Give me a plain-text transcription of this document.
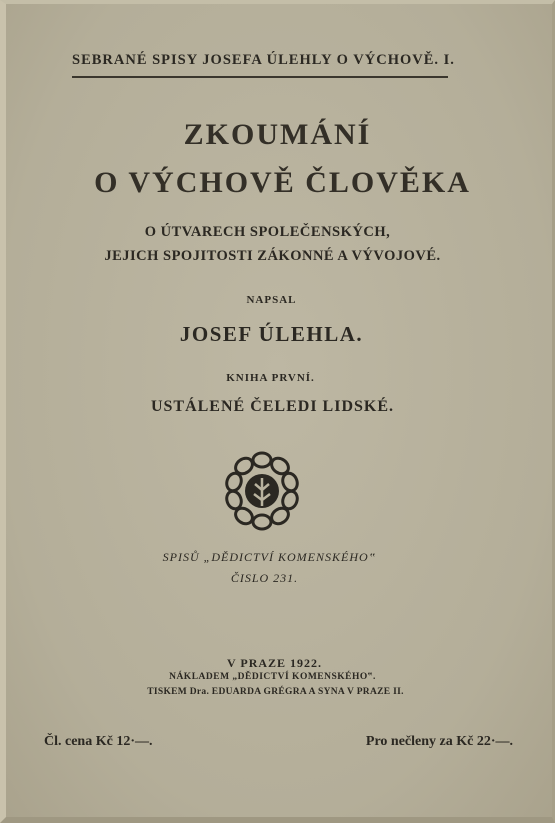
SEBRANÉ SPISY JOSEFA ÚLEHLY O VÝCHOVĚ. I.
ZKOUMÁNÍ
O VÝCHOVĚ ČLOVĚKA
O ÚTVARECH SPOLEČENSKÝCH,
JEJICH SPOJITOSTI ZÁKONNÉ A VÝVOJOVÉ.
NAPSAL
JOSEF ÚLEHLA.
KNIHA PRVNÍ.
USTÁLENÉ ČELEDI LIDSKÉ.
SPISŮ „DĚDICTVÍ KOMENSKÉHO‟
ČISLO 231.
V PRAZE 1922.
NÁKLADEM „DĚDICTVÍ KOMENSKÉHO‟.
TISKEM Dra. EDUARDA GRÉGRA A SYNA V PRAZE II.
Čl. cena Kč 12·—.	Pro nečleny za Kč 22·—.
